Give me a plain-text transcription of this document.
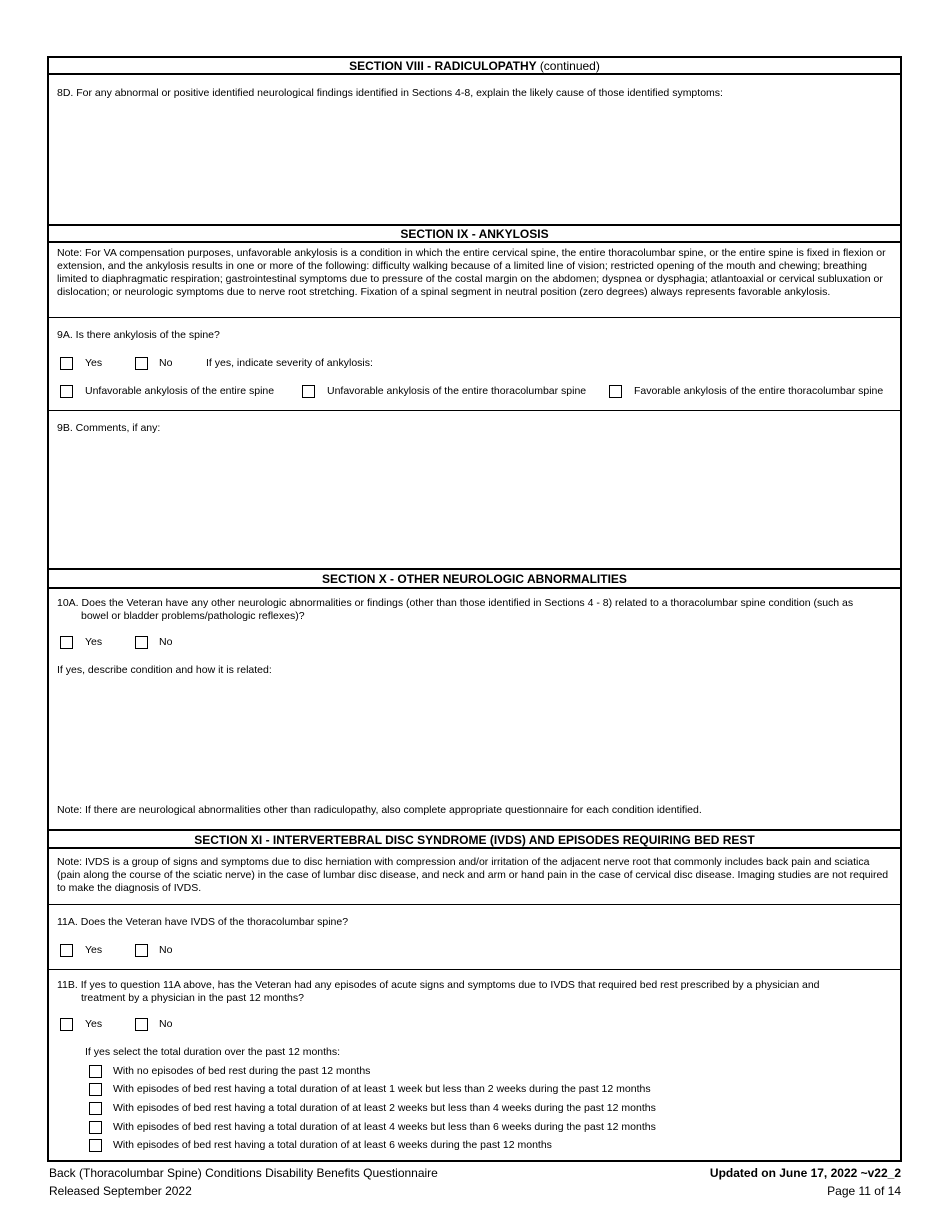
SECTION VIII - RADICULOPATHY (continued)
8D. For any abnormal or positive identified neurological findings identified in Sections 4-8, explain the likely cause of those identified symptoms:
SECTION IX - ANKYLOSIS
Note: For VA compensation purposes, unfavorable ankylosis is a condition in which the entire cervical spine, the entire thoracolumbar spine, or the entire spine is fixed in flexion or extension, and the ankylosis results in one or more of the following: difficulty walking because of a limited line of vision; restricted opening of the mouth and chewing; breathing limited to diaphragmatic respiration; gastrointestinal symptoms due to pressure of the costal margin on the abdomen; dyspnea or dysphagia; atlantoaxial or cervical subluxation or dislocation; or neurologic symptoms due to nerve root stretching. Fixation of a spinal segment in neutral position (zero degrees) always represents favorable ankylosis.
9A. Is there ankylosis of the spine?
Yes	No	If yes, indicate severity of ankylosis:
Unfavorable ankylosis of the entire spine	Unfavorable ankylosis of the entire thoracolumbar spine	Favorable ankylosis of the entire thoracolumbar spine
9B. Comments, if any:
SECTION X - OTHER NEUROLOGIC ABNORMALITIES
10A. Does the Veteran have any other neurologic abnormalities or findings (other than those identified in Sections 4 - 8) related to a thoracolumbar spine condition (such as
bowel or bladder problems/pathologic reflexes)?
Yes	No
If yes, describe condition and how it is related:
Note: If there are neurological abnormalities other than radiculopathy, also complete appropriate questionnaire for each condition identified.
SECTION XI - INTERVERTEBRAL DISC SYNDROME (IVDS) AND EPISODES REQUIRING BED REST
Note: IVDS is a group of signs and symptoms due to disc herniation with compression and/or irritation of the adjacent nerve root that commonly includes back pain and sciatica (pain along the course of the sciatic nerve) in the case of lumbar disc disease, and neck and arm or hand pain in the case of cervical disc disease. Imaging studies are not required to make the diagnosis of IVDS.
11A. Does the Veteran have IVDS of the thoracolumbar spine?
Yes	No
11B. If yes to question 11A above, has the Veteran had any episodes of acute signs and symptoms due to IVDS that required bed rest prescribed by a physician and
treatment by a physician in the past 12 months?
Yes	No
If yes select the total duration over the past 12 months:
With no episodes of bed rest during the past 12 months
With episodes of bed rest having a total duration of at least 1 week but less than 2 weeks during the past 12 months
With episodes of bed rest having a total duration of at least 2 weeks but less than 4 weeks during the past 12 months
With episodes of bed rest having a total duration of at least 4 weeks but less than 6 weeks during the past 12 months
With episodes of bed rest having a total duration of at least 6 weeks during the past 12 months
Back (Thoracolumbar Spine) Conditions Disability Benefits Questionnaire
Released September 2022
Updated on June 17, 2022 ~v22_2
Page 11 of 14
